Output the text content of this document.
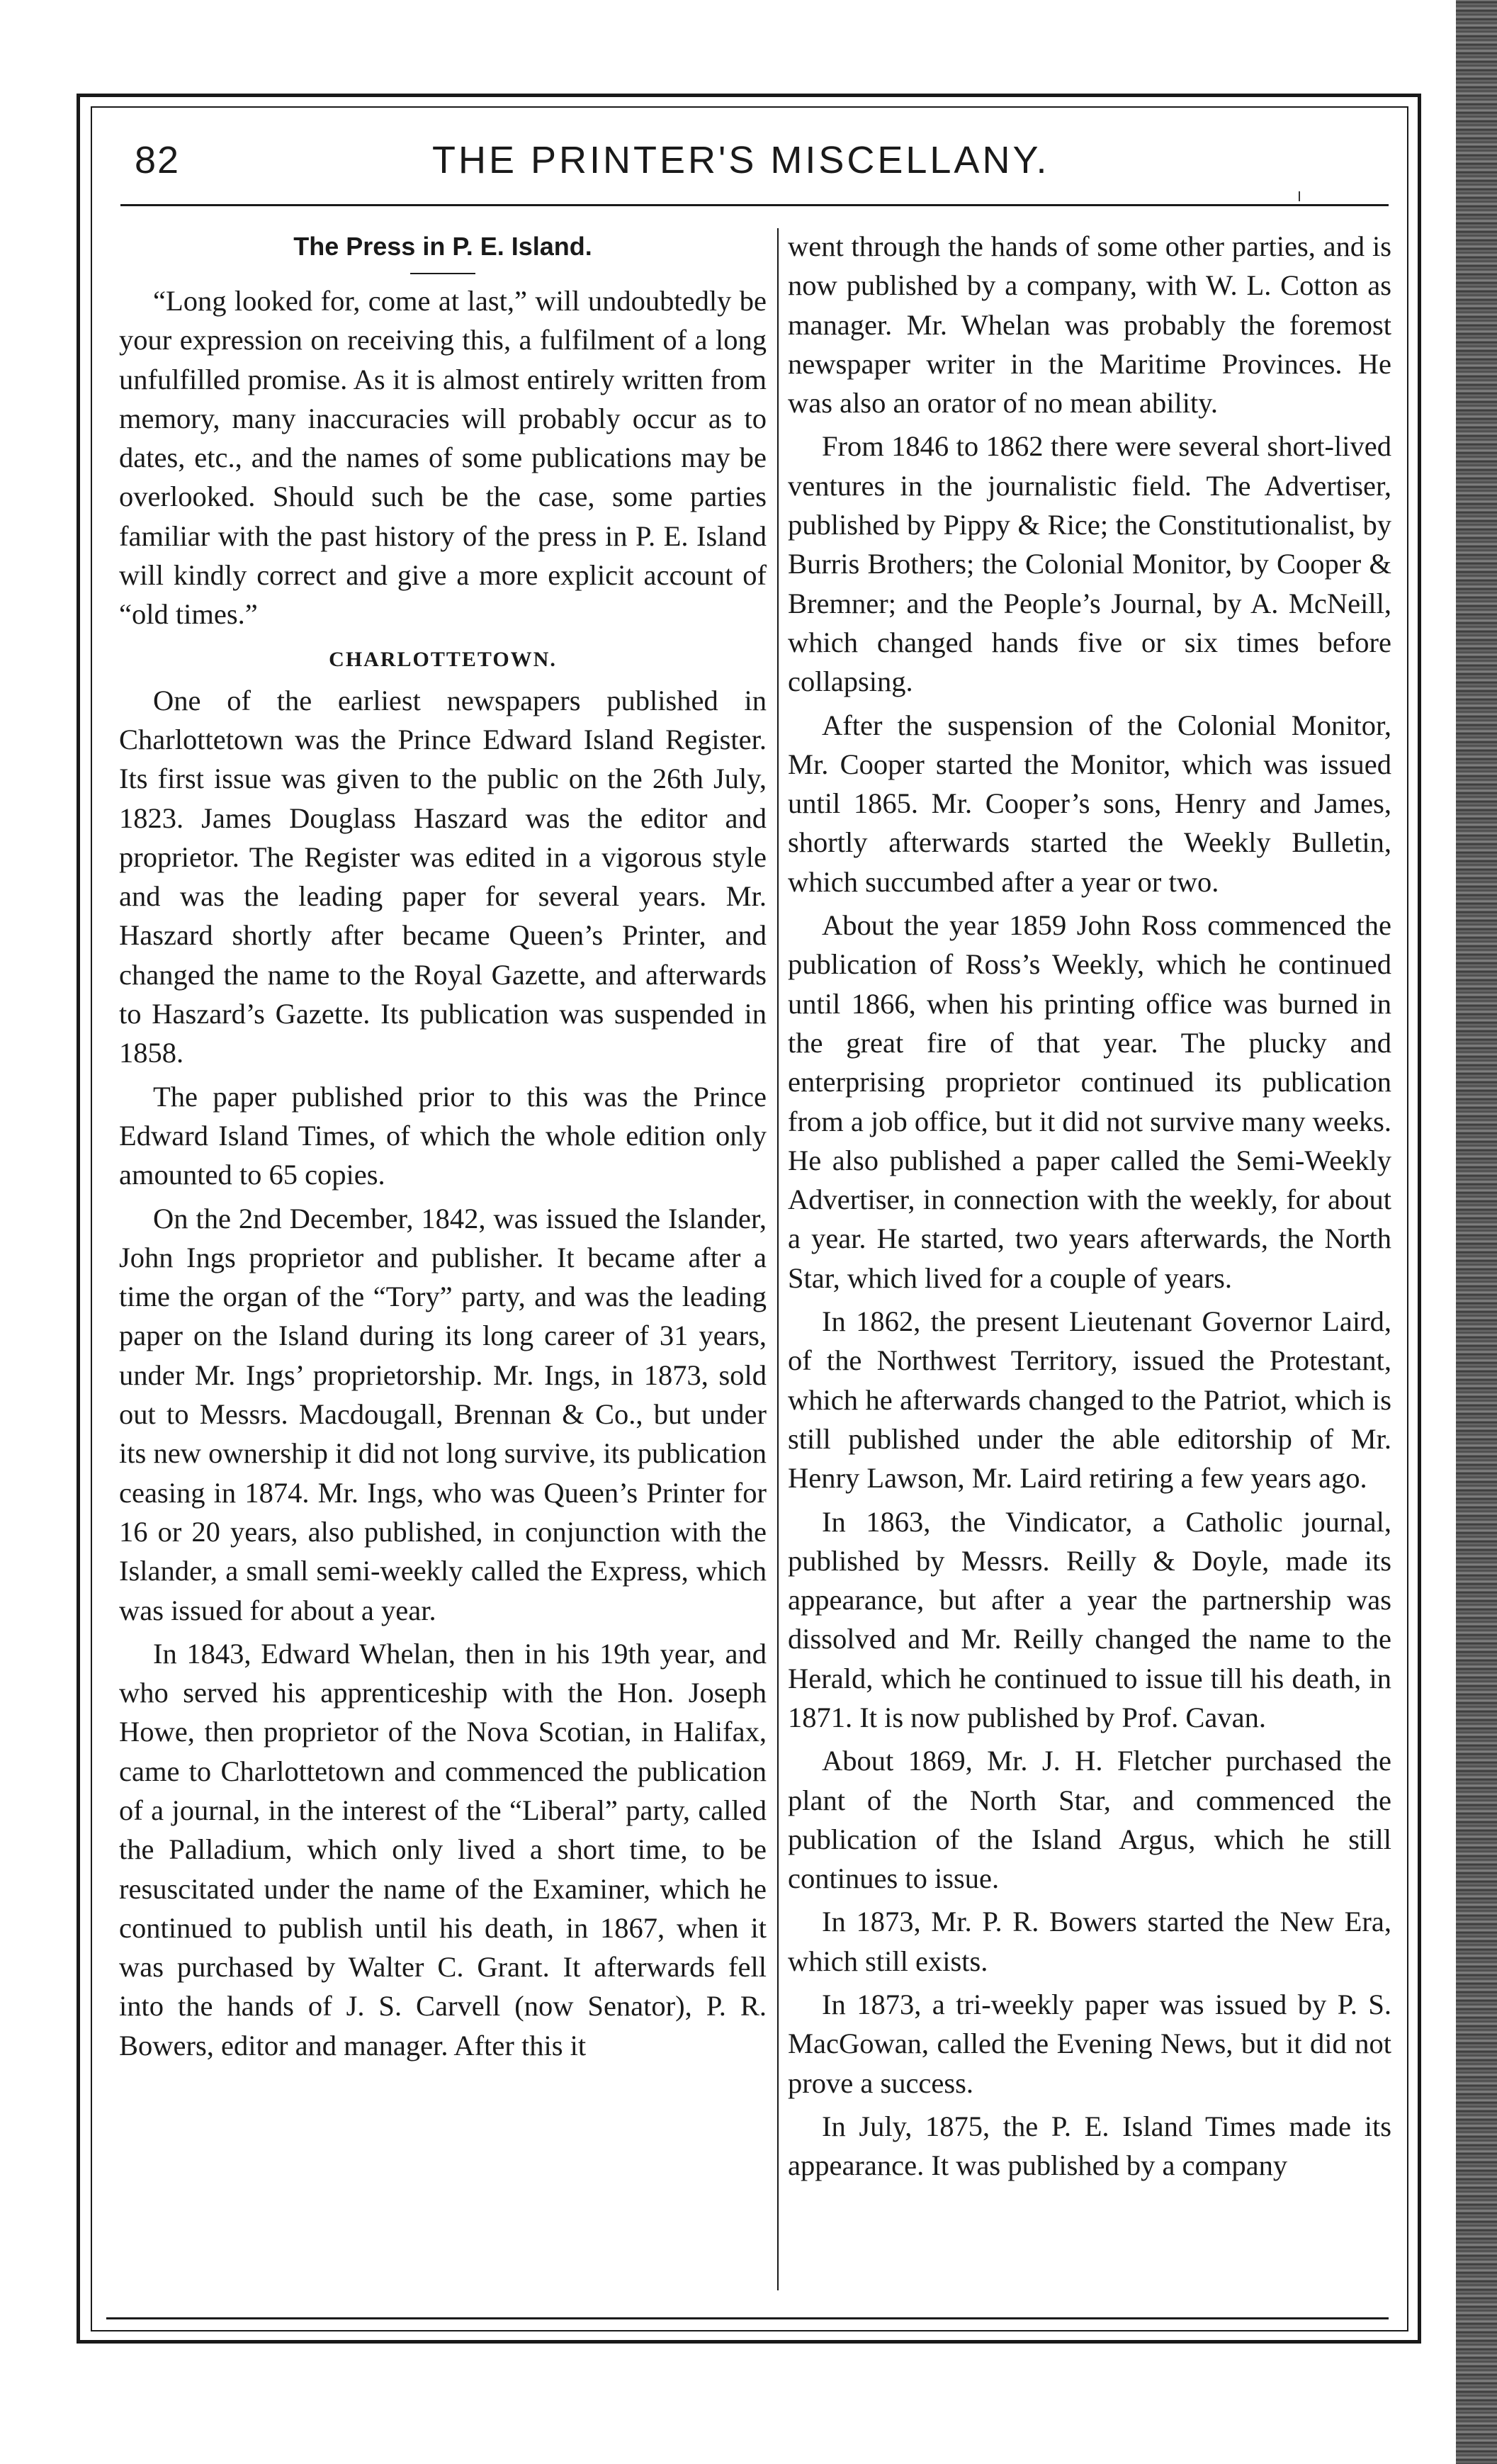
82	THE PRINTER'S MISCELLANY.
The Press in P. E. Island.

“Long looked for, come at last,” will undoubtedly be your expression on receiving this, a fulfilment of a long unfulfilled promise. As it is almost entirely written from memory, many inaccuracies will probably occur as to dates, etc., and the names of some publications may be overlooked. Should such be the case, some parties familiar with the past history of the press in P. E. Island will kindly correct and give a more explicit account of “old times.”

CHARLOTTETOWN.

One of the earliest newspapers published in Charlottetown was the Prince Edward Island Register. Its first issue was given to the public on the 26th July, 1823. James Douglass Haszard was the editor and proprietor. The Register was edited in a vigorous style and was the leading paper for several years. Mr. Haszard shortly after became Queen’s Printer, and changed the name to the Royal Gazette, and afterwards to Haszard’s Gazette. Its publication was suspended in 1858.

The paper published prior to this was the Prince Edward Island Times, of which the whole edition only amounted to 65 copies.

On the 2nd December, 1842, was issued the Islander, John Ings proprietor and publisher. It became after a time the organ of the “Tory” party, and was the leading paper on the Island during its long career of 31 years, under Mr. Ings’ proprietorship. Mr. Ings, in 1873, sold out to Messrs. Macdougall, Brennan & Co., but under its new ownership it did not long survive, its publication ceasing in 1874. Mr. Ings, who was Queen’s Printer for 16 or 20 years, also published, in conjunction with the Islander, a small semi-weekly called the Express, which was issued for about a year.

In 1843, Edward Whelan, then in his 19th year, and who served his apprenticeship with the Hon. Joseph Howe, then proprietor of the Nova Scotian, in Halifax, came to Charlottetown and commenced the publication of a journal, in the interest of the “Liberal” party, called the Palladium, which only lived a short time, to be resuscitated under the name of the Examiner, which he continued to publish until his death, in 1867, when it was purchased by Walter C. Grant. It afterwards fell into the hands of J. S. Carvell (now Senator), P. R. Bowers, editor and manager. After this it

went through the hands of some other parties, and is now published by a company, with W. L. Cotton as manager. Mr. Whelan was probably the foremost newspaper writer in the Maritime Provinces. He was also an orator of no mean ability.

From 1846 to 1862 there were several short-lived ventures in the journalistic field. The Advertiser, published by Pippy & Rice; the Constitutionalist, by Burris Brothers; the Colonial Monitor, by Cooper & Bremner; and the People’s Journal, by A. McNeill, which changed hands five or six times before collapsing.

After the suspension of the Colonial Monitor, Mr. Cooper started the Monitor, which was issued until 1865. Mr. Cooper’s sons, Henry and James, shortly afterwards started the Weekly Bulletin, which succumbed after a year or two.

About the year 1859 John Ross commenced the publication of Ross’s Weekly, which he continued until 1866, when his printing office was burned in the great fire of that year. The plucky and enterprising proprietor continued its publication from a job office, but it did not survive many weeks. He also published a paper called the Semi-Weekly Advertiser, in connection with the weekly, for about a year. He started, two years afterwards, the North Star, which lived for a couple of years.

In 1862, the present Lieutenant Governor Laird, of the Northwest Territory, issued the Protestant, which he afterwards changed to the Patriot, which is still published under the able editorship of Mr. Henry Lawson, Mr. Laird retiring a few years ago.

In 1863, the Vindicator, a Catholic journal, published by Messrs. Reilly & Doyle, made its appearance, but after a year the partnership was dissolved and Mr. Reilly changed the name to the Herald, which he continued to issue till his death, in 1871. It is now published by Prof. Cavan.

About 1869, Mr. J. H. Fletcher purchased the plant of the North Star, and commenced the publication of the Island Argus, which he still continues to issue.

In 1873, Mr. P. R. Bowers started the New Era, which still exists.

In 1873, a tri-weekly paper was issued by P. S. MacGowan, called the Evening News, but it did not prove a success.

In July, 1875, the P. E. Island Times made its appearance. It was published by a company
